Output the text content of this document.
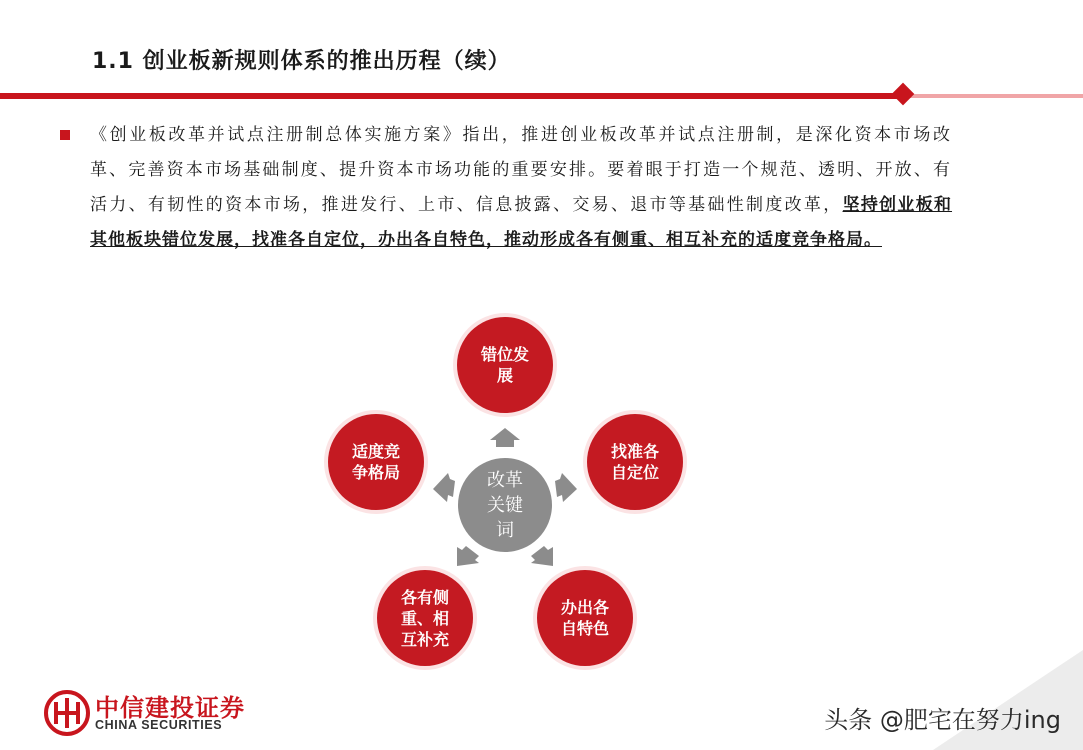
1.1 创业板新规则体系的推出历程（续）
《创业板改革并试点注册制总体实施方案》指出，推进创业板改革并试点注册制，是深化资本市场改革、完善资本市场基础制度、提升资本市场功能的重要安排。要着眼于打造一个规范、透明、开放、有活力、有韧性的资本市场，推进发行、上市、信息披露、交易、退市等基础性制度改革，坚持创业板和其他板块错位发展，找准各自定位，办出各自特色，推动形成各有侧重、相互补充的适度竞争格局。
改革
关键
词
错位发
展
找准各
自定位
办出各
自特色
各有侧
重、相
互补充
适度竞
争格局
中信建投证券
CHINA SECURITIES	头条 @肥宅在努力ing
